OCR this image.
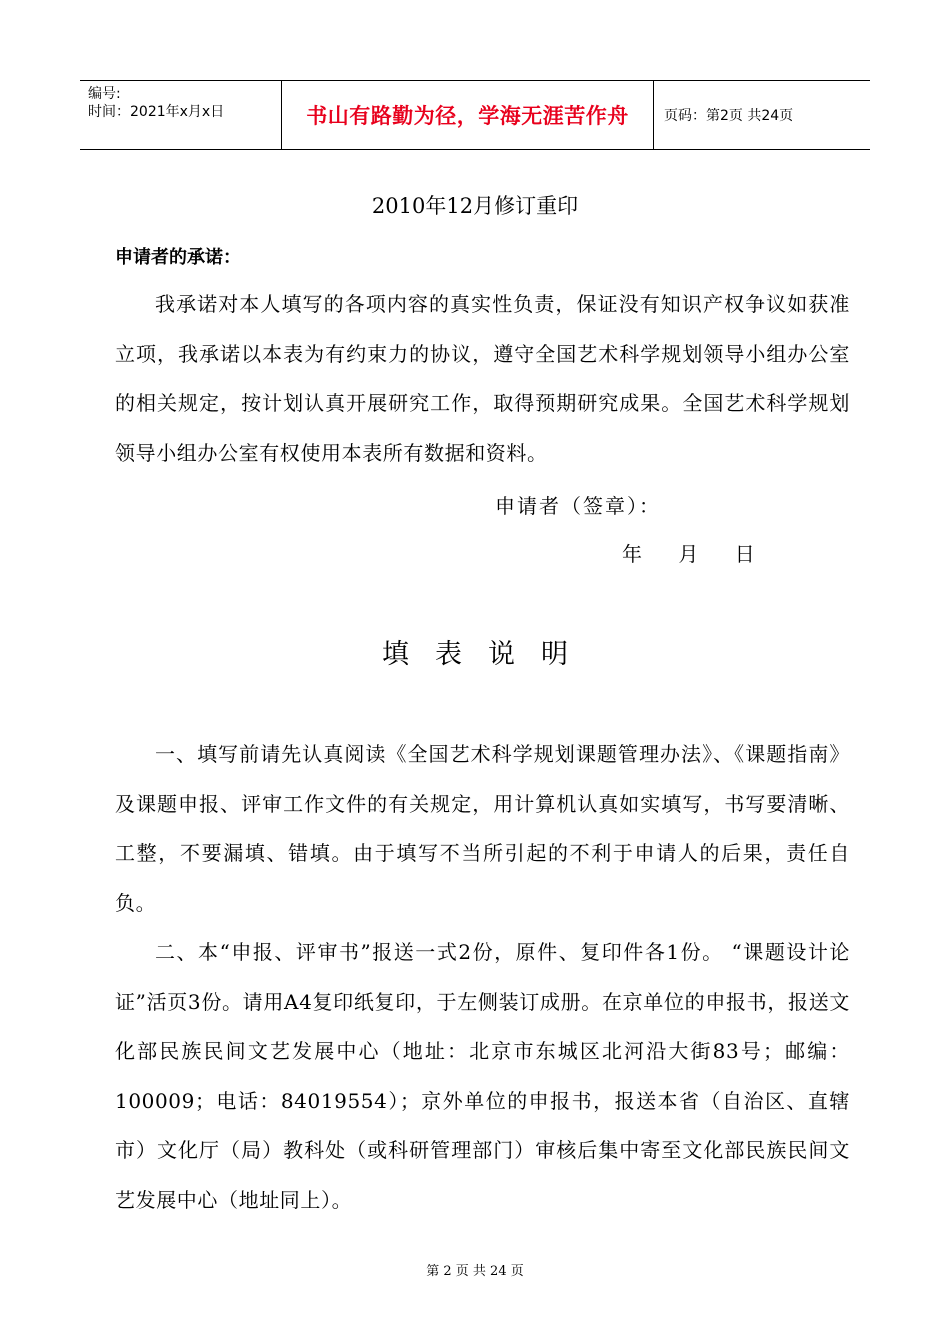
编号:
时间：2021年x月x日	书山有路勤为径，学海无涯苦作舟	页码：第2页 共24页
2010年12月修订重印
申请者的承诺：
我承诺对本人填写的各项内容的真实性负责，保证没有知识产权争议如获准立项，我承诺以本表为有约束力的协议，遵守全国艺术科学规划领导小组办公室的相关规定，按计划认真开展研究工作，取得预期研究成果。全国艺术科学规划领导小组办公室有权使用本表所有数据和资料。
申请者（签章）：
年 月 日
填表说明
一、填写前请先认真阅读《全国艺术科学规划课题管理办法》、《课题指南》及课题申报、评审工作文件的有关规定，用计算机认真如实填写，书写要清晰、工整，不要漏填、错填。由于填写不当所引起的不利于申请人的后果，责任自负。
二、本“申报、评审书”报送一式2份，原件、复印件各1份。 “课题设计论证”活页3份。请用A4复印纸复印，于左侧装订成册。在京单位的申报书，报送文化部民族民间文艺发展中心（地址：北京市东城区北河沿大街83号；邮编：100009；电话：84019554）；京外单位的申报书，报送本省（自治区、直辖市）文化厅（局）教科处（或科研管理部门）审核后集中寄至文化部民族民间文艺发展中心（地址同上）。
第 2 页 共 24 页
